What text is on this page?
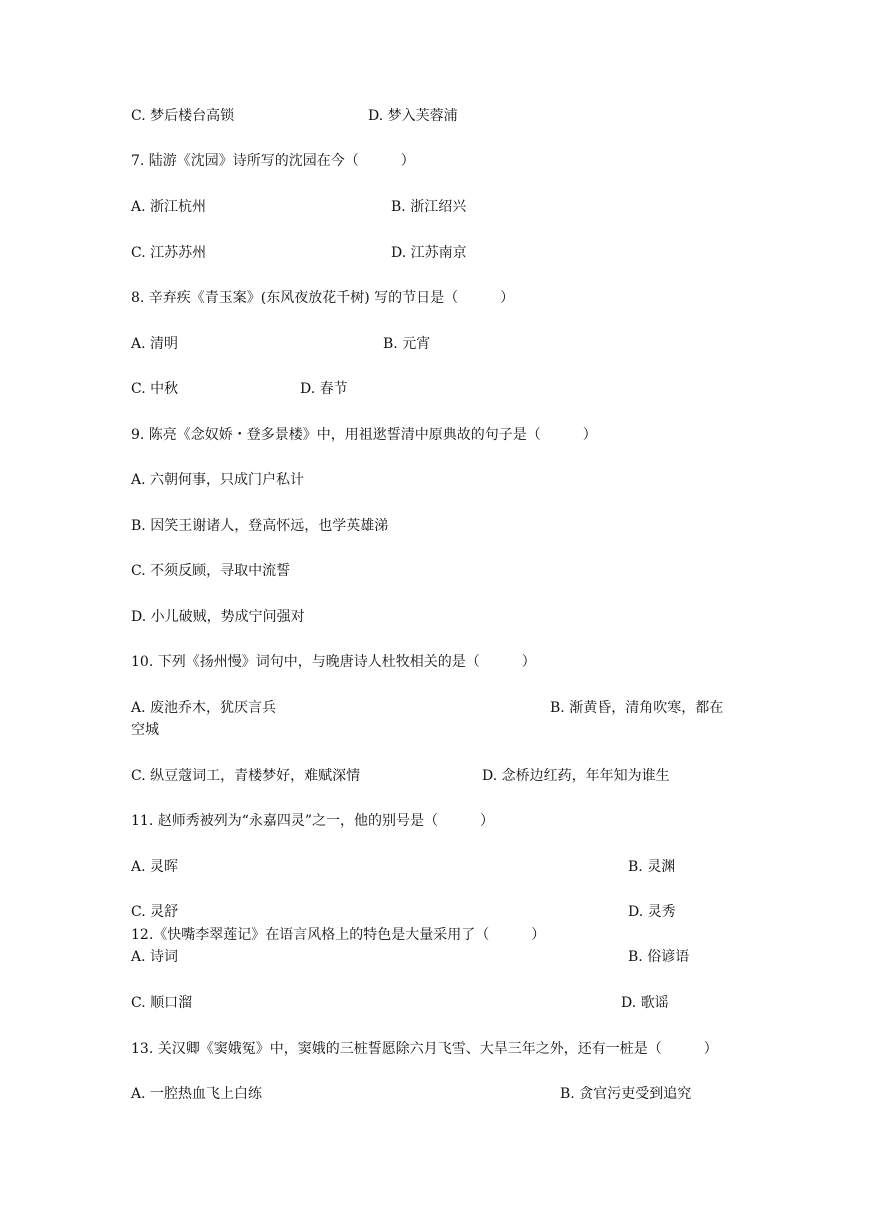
C. 梦后楼台高锁	D. 梦入芙蓉浦
7. 陆游《沈园》诗所写的沈园在今（　　　）
A. 浙江杭州	B. 浙江绍兴
C. 江苏苏州	D. 江苏南京
8. 辛弃疾《青玉案》(东风夜放花千树) 写的节日是（　　　）
A. 清明	B. 元宵
C. 中秋	D. 春节
9. 陈亮《念奴娇・登多景楼》中，用祖逖誓清中原典故的句子是（　　　）
A. 六朝何事，只成门户私计
B. 因笑王谢诸人，登高怀远，也学英雄涕
C. 不须反顾，寻取中流誓
D. 小儿破贼，势成宁问强对
10. 下列《扬州慢》词句中，与晚唐诗人杜牧相关的是（　　　）
A. 废池乔木，犹厌言兵	B. 渐黄昏，清角吹寒，都在
空城
C. 纵豆蔻词工，青楼梦好，难赋深情	D. 念桥边红药，年年知为谁生
11. 赵师秀被列为“永嘉四灵”之一，他的别号是（　　　）
A. 灵晖	B. 灵渊
C. 灵舒	D. 灵秀
12.《快嘴李翠莲记》在语言风格上的特色是大量采用了（　　　）
A. 诗词	B. 俗谚语
C. 顺口溜	D. 歌谣
13. 关汉卿《窦娥冤》中，窦娥的三桩誓愿除六月飞雪、大旱三年之外，还有一桩是（　　　）
A. 一腔热血飞上白练	B. 贪官污吏受到追究
